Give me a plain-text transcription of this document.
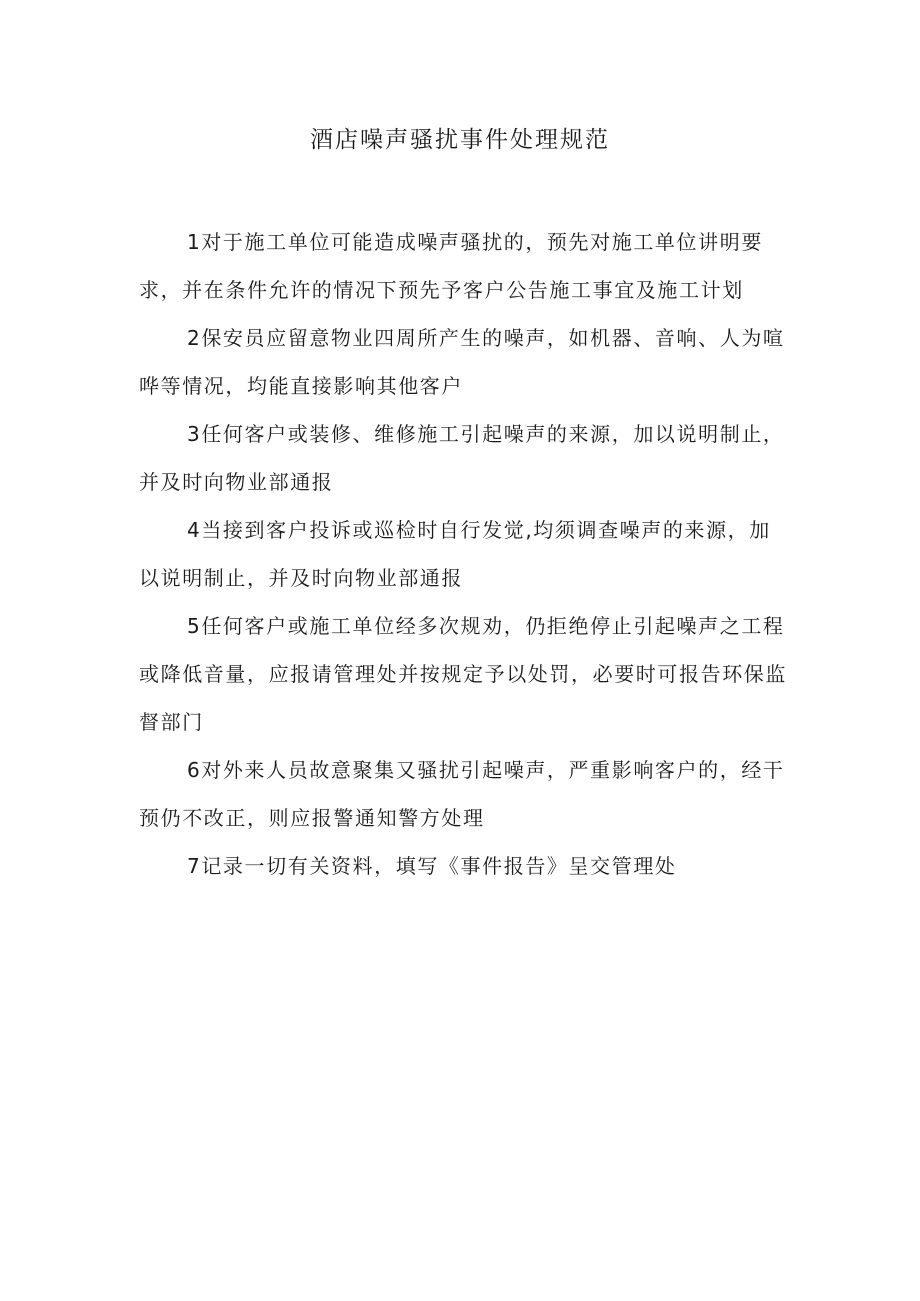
酒店噪声骚扰事件处理规范

1对于施工单位可能造成噪声骚扰的，预先对施工单位讲明要求，并在条件允许的情况下预先予客户公告施工事宜及施工计划

2保安员应留意物业四周所产生的噪声，如机器、音响、人为喧哗等情况，均能直接影响其他客户

3任何客户或装修、维修施工引起噪声的来源，加以说明制止，并及时向物业部通报

4当接到客户投诉或巡检时自行发觉,均须调查噪声的来源，加以说明制止，并及时向物业部通报

5任何客户或施工单位经多次规劝，仍拒绝停止引起噪声之工程或降低音量，应报请管理处并按规定予以处罚，必要时可报告环保监督部门

6对外来人员故意聚集又骚扰引起噪声，严重影响客户的，经干预仍不改正，则应报警通知警方处理

7记录一切有关资料，填写《事件报告》呈交管理处
